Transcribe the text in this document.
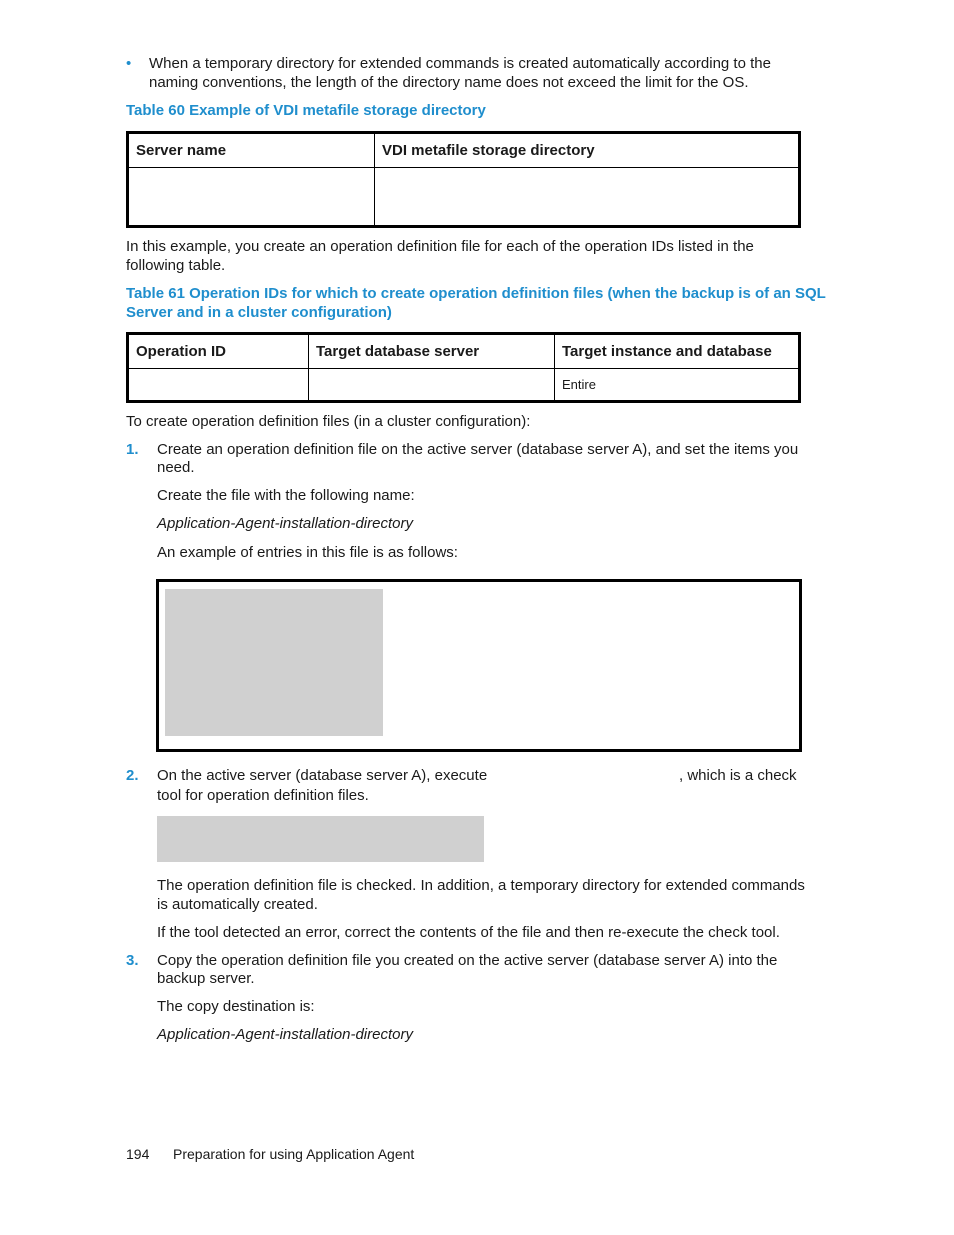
• When a temporary directory for extended commands is created automatically according to the
naming conventions, the length of the directory name does not exceed the limit for the OS.
Table 60 Example of VDI metafile storage directory
Server name	VDI metafile storage directory

In this example, you create an operation definition file for each of the operation IDs listed in the
following table.
Table 61 Operation IDs for which to create operation definition files (when the backup is of an SQL
Server and in a cluster configuration)
Operation ID	Target database server	Target instance and database
		Entire
To create operation definition files (in a cluster configuration):
1. Create an operation definition file on the active server (database server A), and set the items you
need.
Create the file with the following name:
Application-Agent-installation-directory
An example of entries in this file is as follows:
2. On the active server (database server A), execute	, which is a check
tool for operation definition files.
The operation definition file is checked. In addition, a temporary directory for extended commands
is automatically created.
If the tool detected an error, correct the contents of the file and then re-execute the check tool.
3. Copy the operation definition file you created on the active server (database server A) into the
backup server.
The copy destination is:
Application-Agent-installation-directory
194 Preparation for using Application Agent
